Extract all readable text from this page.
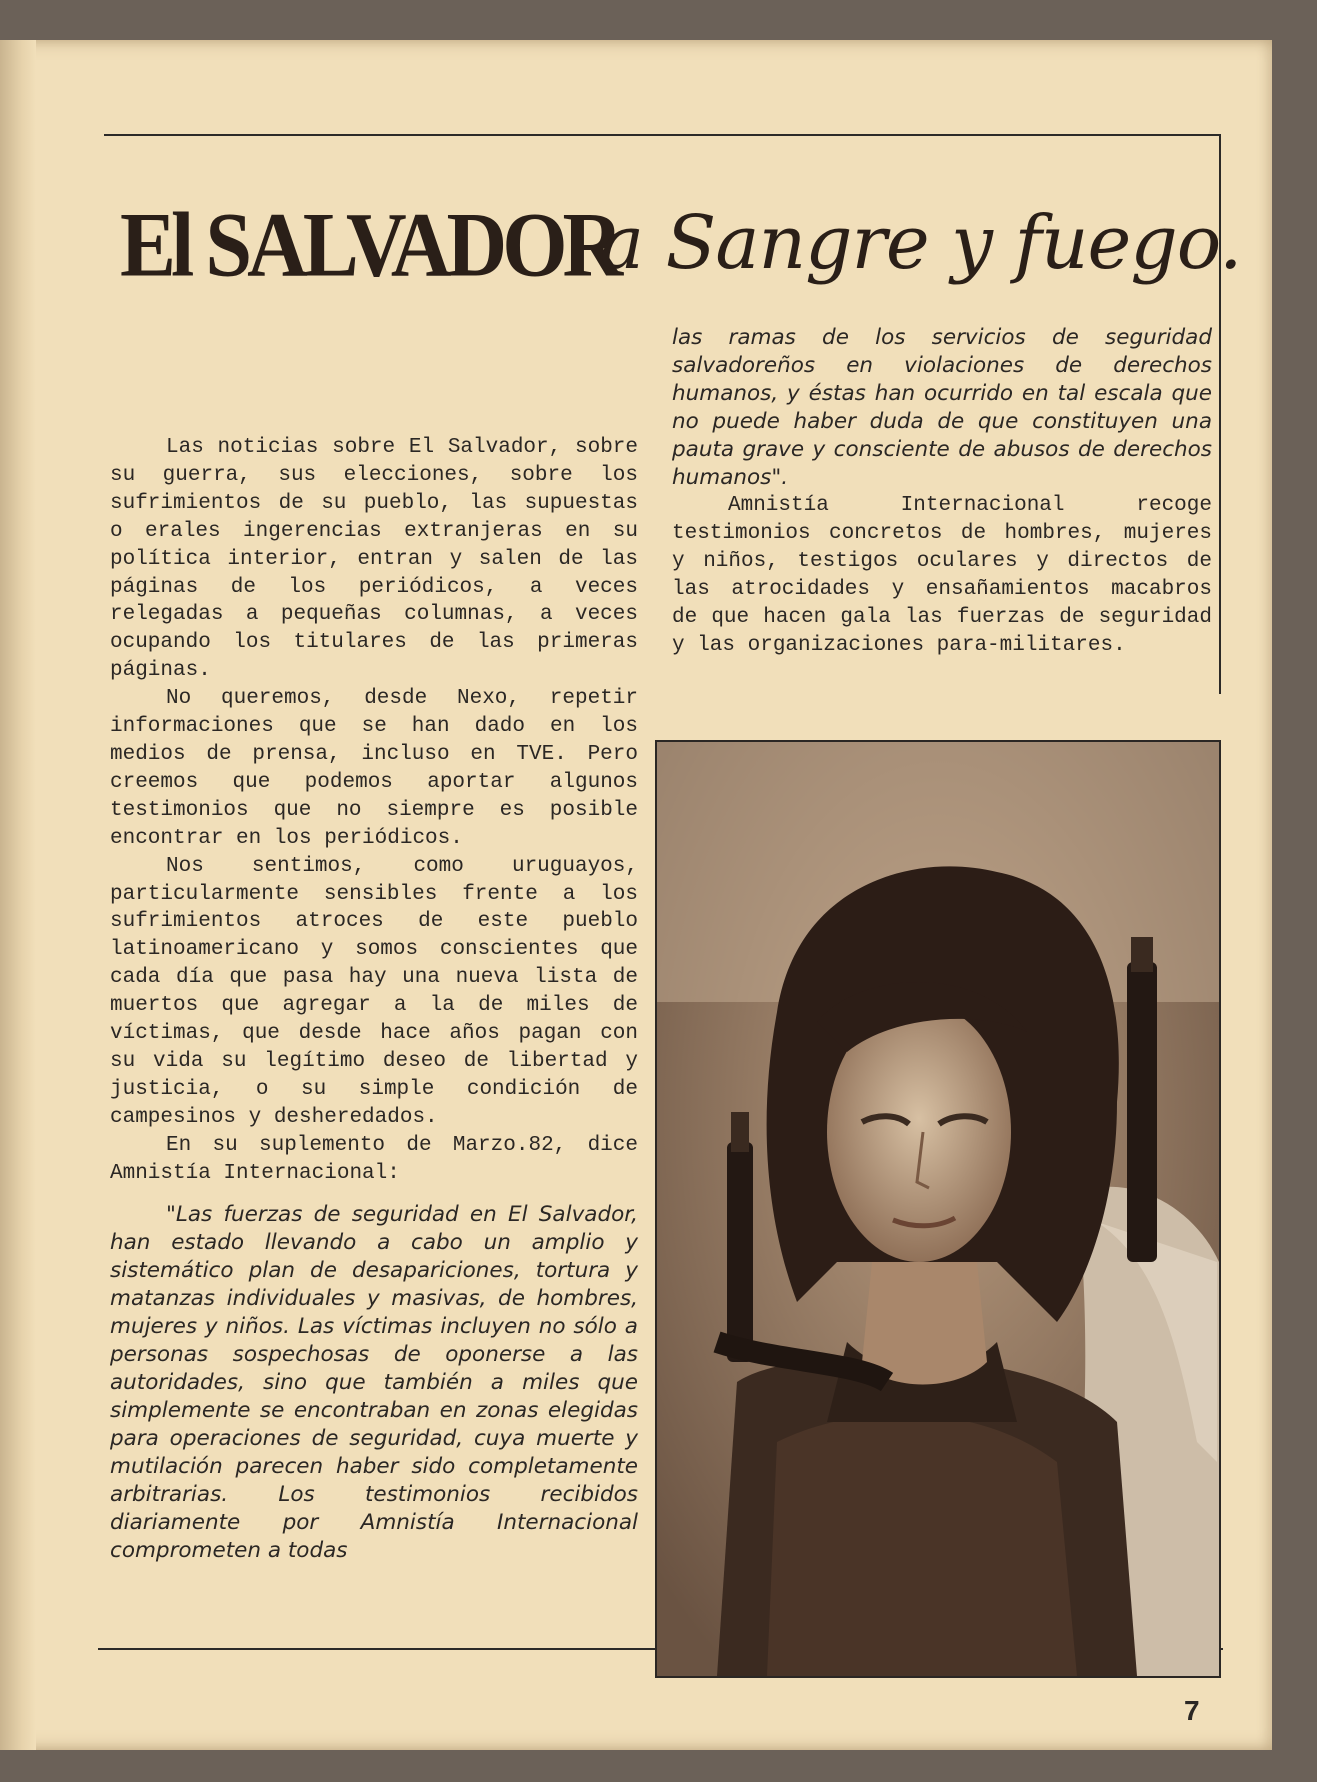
El SALVADOR
a Sangre y fuego.

Las noticias sobre El Salvador, sobre su guerra, sus elecciones, sobre los sufrimientos de su pueblo, las supuestas o erales ingerencias extranjeras en su política interior, entran y salen de las páginas de los periódicos, a veces relegadas a pequeñas columnas, a veces ocupando los titulares de las primeras páginas.

No queremos, desde Nexo, repetir informaciones que se han dado en los medios de prensa, incluso en TVE. Pero creemos que podemos aportar algunos testimonios que no siempre es posible encontrar en los periódicos.

Nos sentimos, como uruguayos, particularmente sensibles frente a los sufrimientos atroces de este pueblo latinoamericano y somos conscientes que cada día que pasa hay una nueva lista de muertos que agregar a la de miles de víctimas, que desde hace años pagan con su vida su legítimo deseo de libertad y justicia, o su simple condición de campesinos y desheredados.

En su suplemento de Marzo.82, dice Amnistía Internacional:

"Las fuerzas de seguridad en El Salvador, han estado llevando a cabo un amplio y sistemático plan de desapariciones, tortura y matanzas individuales y masivas, de hombres, mujeres y niños. Las víctimas incluyen no sólo a personas sospechosas de oponerse a las autoridades, sino que también a miles que simplemente se encontraban en zonas elegidas para operaciones de seguridad, cuya muerte y mutilación parecen haber sido completamente arbitrarias. Los testimonios recibidos diariamente por Amnistía Internacional comprometen a todas

las ramas de los servicios de seguridad salvadoreños en violaciones de derechos humanos, y éstas han ocurrido en tal escala que no puede haber duda de que constituyen una pauta grave y consciente de abusos de derechos humanos".

Amnistía Internacional recoge testimonios concretos de hombres, mujeres y niños, testigos oculares y directos de las atrocidades y ensañamientos macabros de que hacen gala las fuerzas de seguridad y las organizaciones para-militares.

7
